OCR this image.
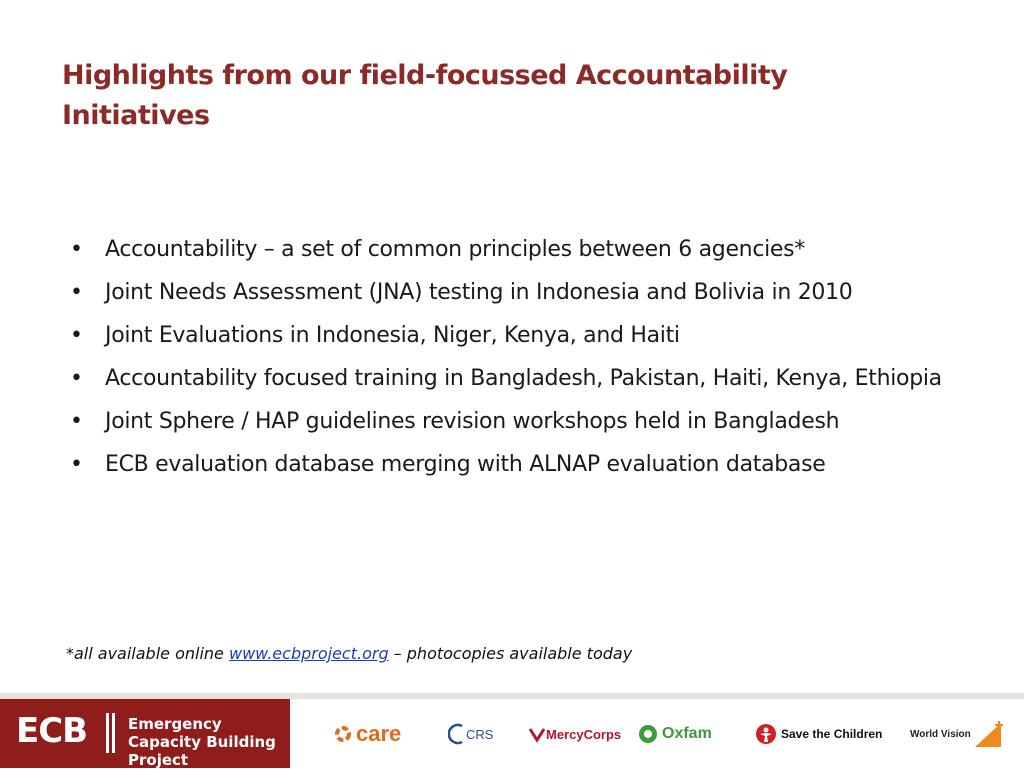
Highlights from our field-focussed Accountability Initiatives
• Accountability – a set of common principles between 6 agencies*
• Joint Needs Assessment (JNA) testing in Indonesia and Bolivia in 2010
• Joint Evaluations in Indonesia, Niger, Kenya, and Haiti
• Accountability focused training in Bangladesh, Pakistan, Haiti, Kenya, Ethiopia
• Joint Sphere / HAP guidelines revision workshops held in Bangladesh
• ECB evaluation database merging with ALNAP evaluation database

*all available online www.ecbproject.org – photocopies available today

ECB	Emergency Capacity Building Project
care	CRS	MercyCorps	Oxfam	Save the Children	World Vision
